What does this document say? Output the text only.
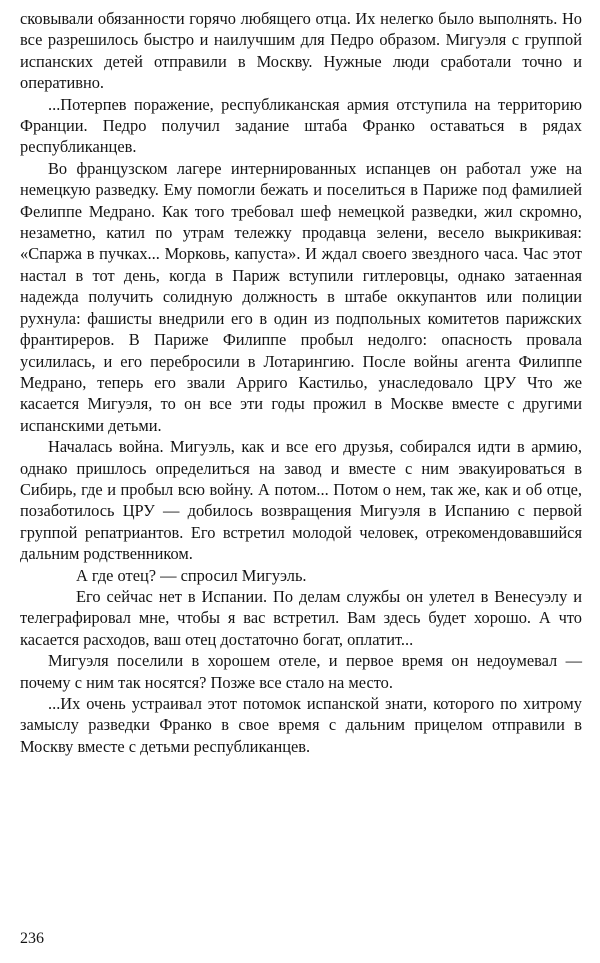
сковывали обязанности горячо любящего отца. Их нелегко было выполнять. Но все разрешилось быстро и наилучшим для Педро образом. Мигуэля с группой испанских детей отправили в Москву. Нужные люди сработали точно и оперативно.

...Потерпев поражение, республиканская армия отступила на территорию Франции. Педро получил задание штаба Франко оставаться в рядах республиканцев.

Во французском лагере интернированных испанцев он работал уже на немецкую разведку. Ему помогли бежать и поселиться в Париже под фамилией Фелиппе Медрано. Как того требовал шеф немецкой разведки, жил скромно, незаметно, катил по утрам тележку продавца зелени, весело выкрикивая: «Спаржа в пучках... Морковь, капуста». И ждал своего звездного часа. Час этот настал в тот день, когда в Париж вступили гитлеровцы, однако затаенная надежда получить солидную должность в штабе оккупантов или полиции рухнула: фашисты внедрили его в один из подпольных комитетов парижских франтиреров. В Париже Филиппе пробыл недолго: опасность провала усилилась, и его перебросили в Лотарингию. После войны агента Филиппе Медрано, теперь его звали Арриго Кастильо, унаследовало ЦРУ Что же касается Мигуэля, то он все эти годы прожил в Москве вместе с другими испанскими детьми.

Началась война. Мигуэль, как и все его друзья, собирался идти в армию, однако пришлось определиться на завод и вместе с ним эвакуироваться в Сибирь, где и пробыл всю войну. А потом... Потом о нем, так же, как и об отце, позаботилось ЦРУ — добилось возвращения Мигуэля в Испанию с первой группой репатриантов. Его встретил молодой человек, отрекомендовавшийся дальним родственником.

А где отец? — спросил Мигуэль.

Его сейчас нет в Испании. По делам службы он улетел в Венесуэлу и телеграфировал мне, чтобы я вас встретил. Вам здесь будет хорошо. А что касается расходов, ваш отец достаточно богат, оплатит...

Мигуэля поселили в хорошем отеле, и первое время он недоумевал — почему с ним так носятся? Позже все стало на место.

...Их очень устраивал этот потомок испанской знати, которого по хитрому замыслу разведки Франко в свое время с дальним прицелом отправили в Москву вместе с детьми республиканцев.

236
